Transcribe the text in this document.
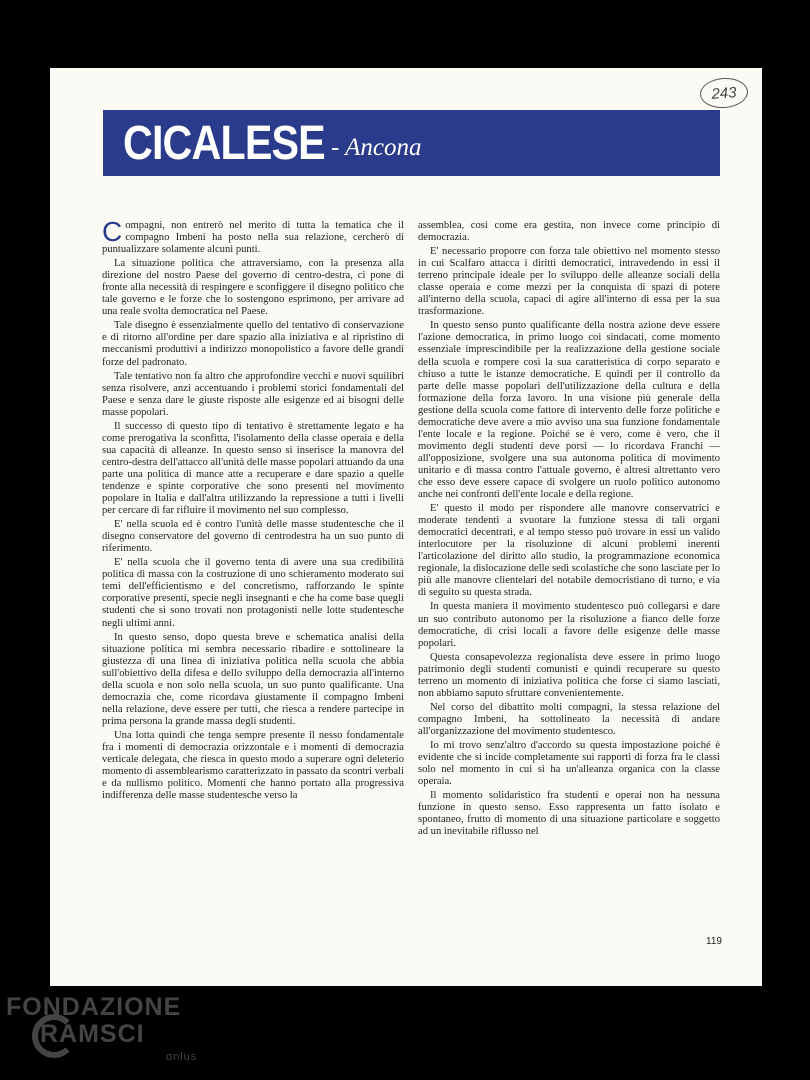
243
CICALESE - Ancona

Compagni, non entrerò nel merito di tutta la tematica che il compagno Imbeni ha posto nella sua relazione, cercherò di puntualizzare solamente alcuni punti.

La situazione politica che attraversiamo, con la presenza alla direzione del nostro Paese del governo di centro-destra, ci pone di fronte alla necessità di respingere e sconfiggere il disegno politico che tale governo e le forze che lo sostengono esprimono, per arrivare ad una reale svolta democratica nel Paese.

Tale disegno è essenzialmente quello del tentativo di conservazione e di ritorno all'ordine per dare spazio alla iniziativa e al ripristino di meccanismi produttivi a indirizzo monopolistico a favore delle grandi forze del padronato.

Tale tentativo non fa altro che approfondire vecchi e nuovi squilibri senza risolvere, anzi accentuando i problemi storici fondamentali del Paese e senza dare le giuste risposte alle esigenze ed ai bisogni delle masse popolari.

Il successo di questo tipo di tentativo è strettamente legato e ha come prerogativa la sconfitta, l'isolamento della classe operaia e della sua capacità di alleanze. In questo senso si inserisce la manovra del centro-destra dell'attacco all'unità delle masse popolari attuando da una parte una politica di mance atte a recuperare e dare spazio a quelle tendenze e spinte corporative che sono presenti nel movimento popolare in Italia e dall'altra utilizzando la repressione a tutti i livelli per cercare di far rifluire il movimento nel suo complesso.

E' nella scuola ed è contro l'unità delle masse studentesche che il disegno conservatore del governo di centrodestra ha un suo punto di riferimento.

E' nella scuola che il governo tenta di avere una sua credibilità politica di massa con la costruzione di uno schieramento moderato sui temi dell'efficientismo e del concretismo, rafforzando le spinte corporative presenti, specie negli insegnanti e che ha come base quegli studenti che si sono trovati non protagonisti nelle lotte studentesche negli ultimi anni.

In questo senso, dopo questa breve e schematica analisi della situazione politica mi sembra necessario ribadire e sottolineare la giustezza di una linea di iniziativa politica nella scuola che abbia sull'obiettivo della difesa e dello sviluppo della democrazia all'interno della scuola e non solo nella scuola, un suo punto qualificante. Una democrazia che, come ricordava giustamente il compagno Imbeni nella relazione, deve essere per tutti, che riesca a rendere partecipe in prima persona la grande massa degli studenti.

Una lotta quindi che tenga sempre presente il nesso fondamentale fra i momenti di democrazia orizzontale e i momenti di democrazia verticale delegata, che riesca in questo modo a superare ogni deleterio momento di assemblearismo caratterizzato in passato da scontri verbali e da nullismo politico. Momenti che hanno portato alla progressiva indifferenza delle masse studentesche verso la

assemblea, così come era gestita, non invece come principio di democrazia.

E' necessario proporre con forza tale obiettivo nel momento stesso in cui Scalfaro attacca i diritti democratici, intravedendo in essi il terreno principale ideale per lo sviluppo delle alleanze sociali della classe operaia e come mezzi per la conquista di spazi di potere all'interno della scuola, capaci di agire all'interno di essa per la sua trasformazione.

In questo senso punto qualificante della nostra azione deve essere l'azione democratica, in primo luogo coi sindacati, come momento essenziale imprescindibile per la realizzazione della gestione sociale della scuola e rompere così la sua caratteristica di corpo separato e chiuso a tutte le istanze democratiche. E quindi per il controllo da parte delle masse popolari dell'utilizzazione della cultura e della formazione della forza lavoro. In una visione più generale della gestione della scuola come fattore di intervento delle forze politiche e democratiche deve avere a mio avviso una sua funzione fondamentale l'ente locale e la regione. Poiché se è vero, come è vero, che il movimento degli studenti deve porsi — lo ricordava Franchi — all'opposizione, svolgere una sua autonoma politica di movimento unitario e di massa contro l'attuale governo, è altresì altrettanto vero che esso deve essere capace di svolgere un ruolo politico autonomo anche nei confronti dell'ente locale e della regione.

E' questo il modo per rispondere alle manovre conservatrici e moderate tendenti a svuotare la funzione stessa di tali organi democratici decentrati, e al tempo stesso può trovare in essi un valido interlocutore per la risoluzione di alcuni problemi inerenti l'articolazione del diritto allo studio, la programmazione economica regionale, la dislocazione delle sedi scolastiche che sono lasciate per lo più alle manovre clientelari del notabile democristiano di turno, e via di seguito su questa strada.

In questa maniera il movimento studentesco può collegarsi e dare un suo contributo autonomo per la risoluzione a fianco delle forze democratiche, di crisi locali a favore delle esigenze delle masse popolari.

Questa consapevolezza regionalista deve essere in primo luogo patrimonio degli studenti comunisti e quindi recuperare su questo terreno un momento di iniziativa politica che forse ci siamo lasciati, non abbiamo saputo sfruttare convenientemente.

Nel corso del dibattito molti compagni, la stessa relazione del compagno Imbeni, ha sottolineato la necessità di andare all'organizzazione del movimento studentesco.

Io mi trovo senz'altro d'accordo su questa impostazione poiché è evidente che si incide completamente sui rapporti di forza fra le classi solo nel momento in cui si ha un'alleanza organica con la classe operaia.

Il momento solidaristico fra studenti e operai non ha nessuna funzione in questo senso. Esso rappresenta un fatto isolato e spontaneo, frutto di momento di una situazione particolare e soggetto ad un inevitabile riflusso nel

119
FONDAZIONE
RAMSCI
onlus
